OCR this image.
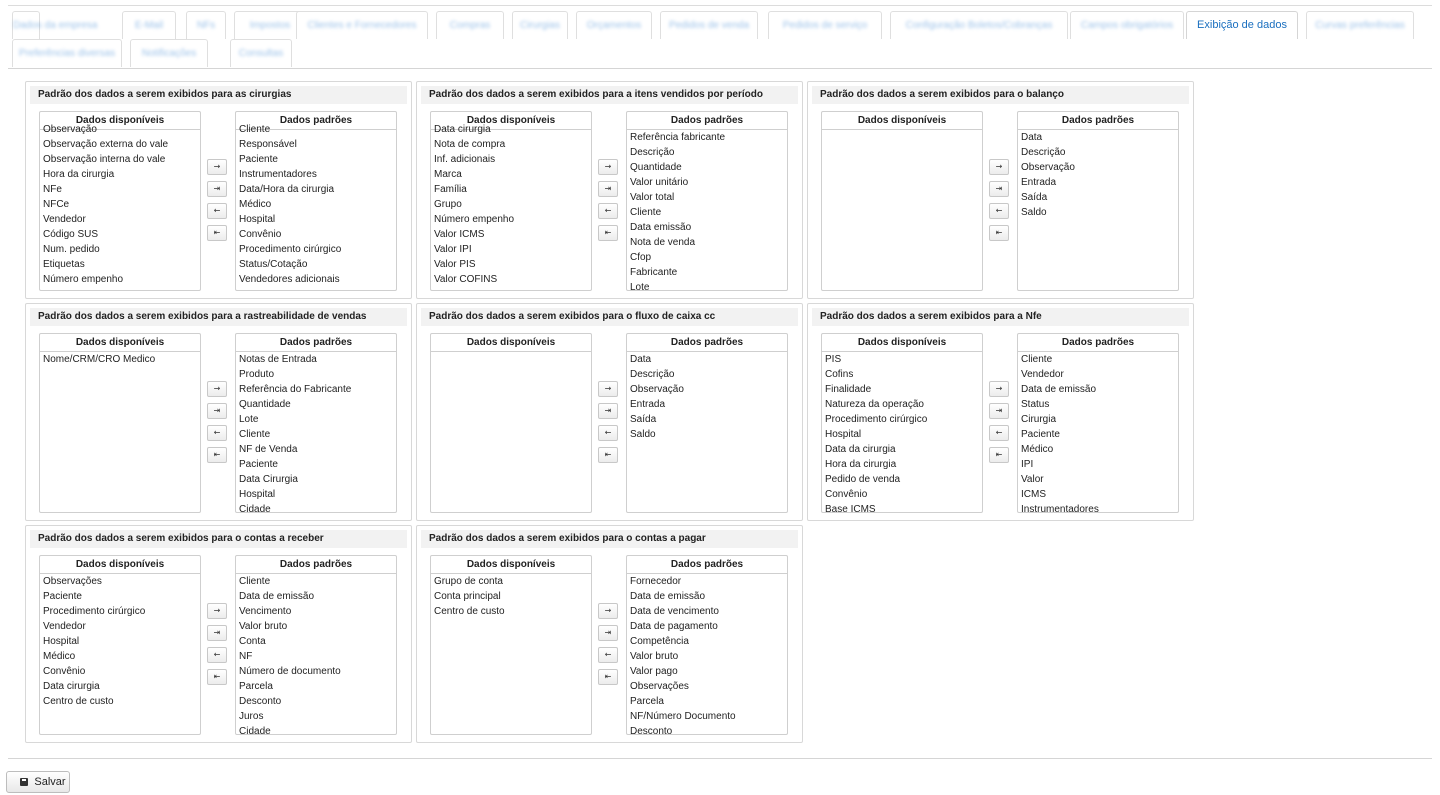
Dados da empresa	E-Mail	NFs	Impostos	Clientes e Fornecedores	Compras	Cirurgias	Orçamentos	Pedidos de venda	Pedidos de serviço	Configuração Boletos/Cobranças	Campos obrigatórios	Exibição de dados	Curvas preferências
Preferências diversas	Notificações	Consultas
Padrão dos dados a serem exibidos para as cirurgias
Dados disponíveis
Observação
Observação externa do vale
Observação interna do vale
Hora da cirurgia
NFe
NFCe
Vendedor
Código SUS
Num. pedido
Etiquetas
Número empenho
Dados padrões
Cliente
Responsável
Paciente
Instrumentadores
Data/Hora da cirurgia
Médico
Hospital
Convênio
Procedimento cirúrgico
Status/Cotação
Vendedores adicionais
→
⇥
←
⇤
Padrão dos dados a serem exibidos para a itens vendidos por período
Dados disponíveis
Data cirurgia
Nota de compra
Inf. adicionais
Marca
Família
Grupo
Número empenho
Valor ICMS
Valor IPI
Valor PIS
Valor COFINS
Dados padrões
Referência fabricante
Descrição
Quantidade
Valor unitário
Valor total
Cliente
Data emissão
Nota de venda
Cfop
Fabricante
Lote
→
⇥
←
⇤
Padrão dos dados a serem exibidos para o balanço
Dados disponíveis	Dados padrões
Data
Descrição
Observação
Entrada
Saída
Saldo
→
⇥
←
⇤
Padrão dos dados a serem exibidos para a rastreabilidade de vendas
Dados disponíveis
Nome/CRM/CRO Medico
Dados padrões
Notas de Entrada
Produto
Referência do Fabricante
Quantidade
Lote
Cliente
NF de Venda
Paciente
Data Cirurgia
Hospital
Cidade
→
⇥
←
⇤
Padrão dos dados a serem exibidos para o fluxo de caixa cc
Dados disponíveis	Dados padrões
Data
Descrição
Observação
Entrada
Saída
Saldo
→
⇥
←
⇤
Padrão dos dados a serem exibidos para a Nfe
Dados disponíveis
PIS
Cofins
Finalidade
Natureza da operação
Procedimento cirúrgico
Hospital
Data da cirurgia
Hora da cirurgia
Pedido de venda
Convênio
Base ICMS
Dados padrões
Cliente
Vendedor
Data de emissão
Status
Cirurgia
Paciente
Médico
IPI
Valor
ICMS
Instrumentadores
→
⇥
←
⇤
Padrão dos dados a serem exibidos para o contas a receber
Dados disponíveis
Observações
Paciente
Procedimento cirúrgico
Vendedor
Hospital
Médico
Convênio
Data cirurgia
Centro de custo
Dados padrões
Cliente
Data de emissão
Vencimento
Valor bruto
Conta
NF
Número de documento
Parcela
Desconto
Juros
Cidade
→
⇥
←
⇤
Padrão dos dados a serem exibidos para o contas a pagar
Dados disponíveis
Grupo de conta
Conta principal
Centro de custo
Dados padrões
Fornecedor
Data de emissão
Data de vencimento
Data de pagamento
Competência
Valor bruto
Valor pago
Observações
Parcela
NF/Número Documento
Desconto
→
⇥
←
⇤
Salvar
